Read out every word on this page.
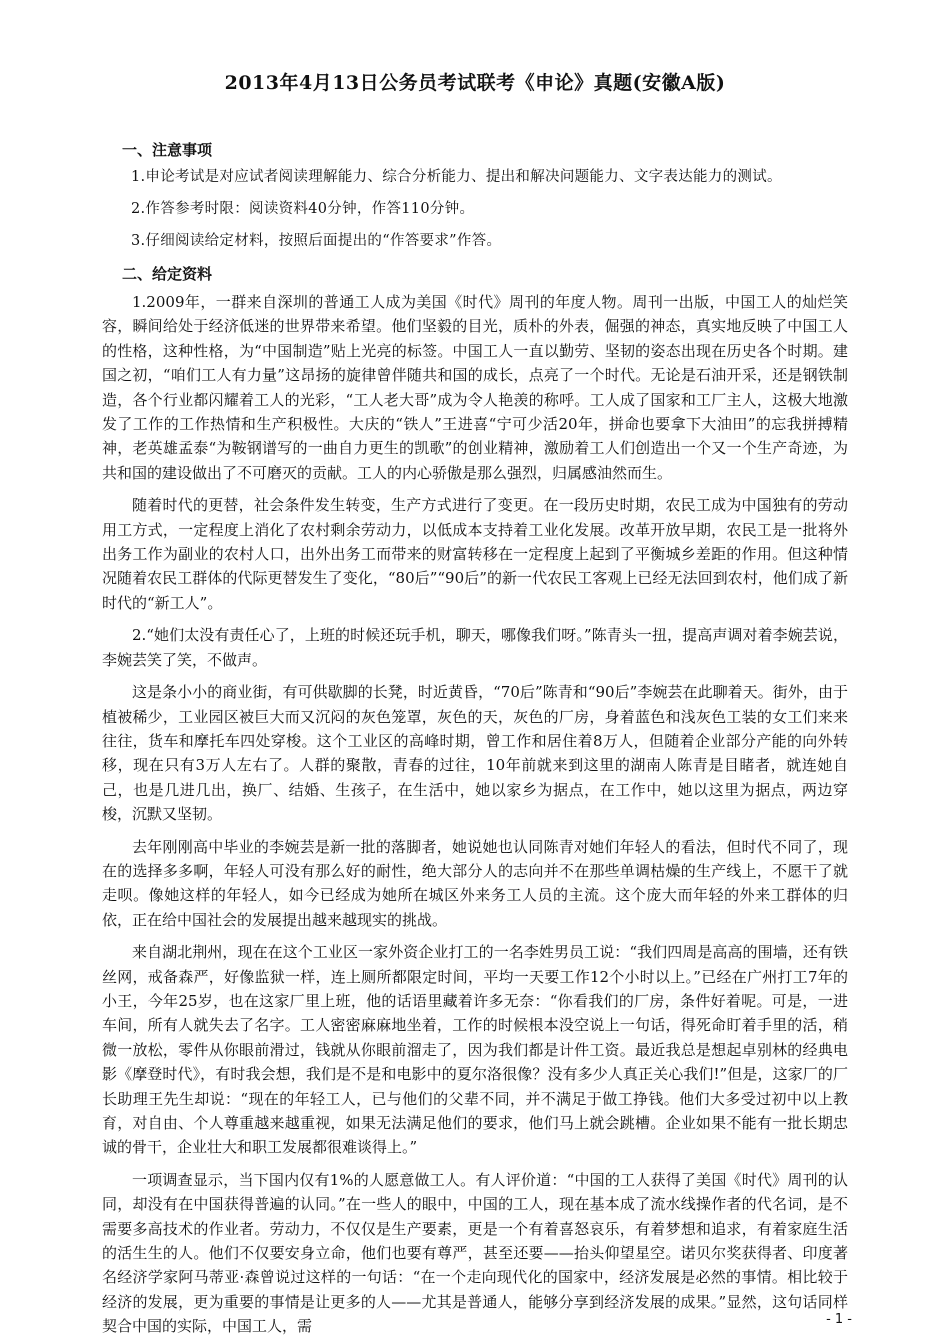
2013年4月13日公务员考试联考《申论》真题(安徽A版)
一、注意事项

1.申论考试是对应试者阅读理解能力、综合分析能力、提出和解决问题能力、文字表达能力的测试。

2.作答参考时限：阅读资料40分钟，作答110分钟。

3.仔细阅读给定材料，按照后面提出的“作答要求”作答。

二、给定资料

1.2009年，一群来自深圳的普通工人成为美国《时代》周刊的年度人物。周刊一出版，中国工人的灿烂笑容，瞬间给处于经济低迷的世界带来希望。他们坚毅的目光，质朴的外表，倔强的神态，真实地反映了中国工人的性格，这种性格，为“中国制造”贴上光亮的标签。中国工人一直以勤劳、坚韧的姿态出现在历史各个时期。建国之初，“咱们工人有力量”这昂扬的旋律曾伴随共和国的成长，点亮了一个时代。无论是石油开采，还是钢铁制造，各个行业都闪耀着工人的光彩，“工人老大哥”成为令人艳羡的称呼。工人成了国家和工厂主人，这极大地激发了工作的工作热情和生产积极性。大庆的“铁人”王进喜“宁可少活20年，拼命也要拿下大油田”的忘我拼搏精神，老英雄孟泰“为鞍钢谱写的一曲自力更生的凯歌”的创业精神，激励着工人们创造出一个又一个生产奇迹，为共和国的建设做出了不可磨灭的贡献。工人的内心骄傲是那么强烈，归属感油然而生。

随着时代的更替，社会条件发生转变，生产方式进行了变更。在一段历史时期，农民工成为中国独有的劳动用工方式，一定程度上消化了农村剩余劳动力，以低成本支持着工业化发展。改革开放早期，农民工是一批将外出务工作为副业的农村人口，出外出务工而带来的财富转移在一定程度上起到了平衡城乡差距的作用。但这种情况随着农民工群体的代际更替发生了变化，“80后”“90后”的新一代农民工客观上已经无法回到农村，他们成了新时代的“新工人”。

2.“她们太没有责任心了，上班的时候还玩手机，聊天，哪像我们呀。”陈青头一扭，提高声调对着李婉芸说，李婉芸笑了笑，不做声。

这是条小小的商业街，有可供歇脚的长凳，时近黄昏，“70后”陈青和“90后”李婉芸在此聊着天。街外，由于植被稀少，工业园区被巨大而又沉闷的灰色笼罩，灰色的天，灰色的厂房，身着蓝色和浅灰色工装的女工们来来往往，货车和摩托车四处穿梭。这个工业区的高峰时期，曾工作和居住着8万人，但随着企业部分产能的向外转移，现在只有3万人左右了。人群的聚散，青春的过往，10年前就来到这里的湖南人陈青是目睹者，就连她自己，也是几进几出，换厂、结婚、生孩子，在生活中，她以家乡为据点，在工作中，她以这里为据点，两边穿梭，沉默又坚韧。

去年刚刚高中毕业的李婉芸是新一批的落脚者，她说她也认同陈青对她们年轻人的看法，但时代不同了，现在的选择多多啊，年轻人可没有那么好的耐性，绝大部分人的志向并不在那些单调枯燥的生产线上，不愿干了就走呗。像她这样的年轻人，如今已经成为她所在城区外来务工人员的主流。这个庞大而年轻的外来工群体的归依，正在给中国社会的发展提出越来越现实的挑战。

来自湖北荆州，现在在这个工业区一家外资企业打工的一名李姓男员工说：“我们四周是高高的围墙，还有铁丝网，戒备森严，好像监狱一样，连上厕所都限定时间，平均一天要工作12个小时以上。”已经在广州打工7年的小王，今年25岁，也在这家厂里上班，他的话语里藏着许多无奈：“你看我们的厂房，条件好着呢。可是，一进车间，所有人就失去了名字。工人密密麻麻地坐着，工作的时候根本没空说上一句话，得死命盯着手里的活，稍微一放松，零件从你眼前滑过，钱就从你眼前溜走了，因为我们都是计件工资。最近我总是想起卓别林的经典电影《摩登时代》，有时我会想，我们是不是和电影中的夏尔洛很像？没有多少人真正关心我们!”但是，这家厂的厂长助理王先生却说：“现在的年轻工人，已与他们的父辈不同，并不满足于做工挣钱。他们大多受过初中以上教育，对自由、个人尊重越来越重视，如果无法满足他们的要求，他们马上就会跳槽。企业如果不能有一批长期忠诚的骨干，企业壮大和职工发展都很难谈得上。”

一项调查显示，当下国内仅有1%的人愿意做工人。有人评价道：“中国的工人获得了美国《时代》周刊的认同，却没有在中国获得普遍的认同。”在一些人的眼中，中国的工人，现在基本成了流水线操作者的代名词，是不需要多高技术的作业者。劳动力，不仅仅是生产要素，更是一个有着喜怒哀乐，有着梦想和追求，有着家庭生活的活生生的人。他们不仅要安身立命，他们也要有尊严，甚至还要——抬头仰望星空。诺贝尔奖获得者、印度著名经济学家阿马蒂亚·森曾说过这样的一句话：“在一个走向现代化的国家中，经济发展是必然的事情。相比较于经济的发展，更为重要的事情是让更多的人——尤其是普通人，能够分享到经济发展的成果。”显然，这句话同样契合中国的实际，中国工人，需	- 1 -
